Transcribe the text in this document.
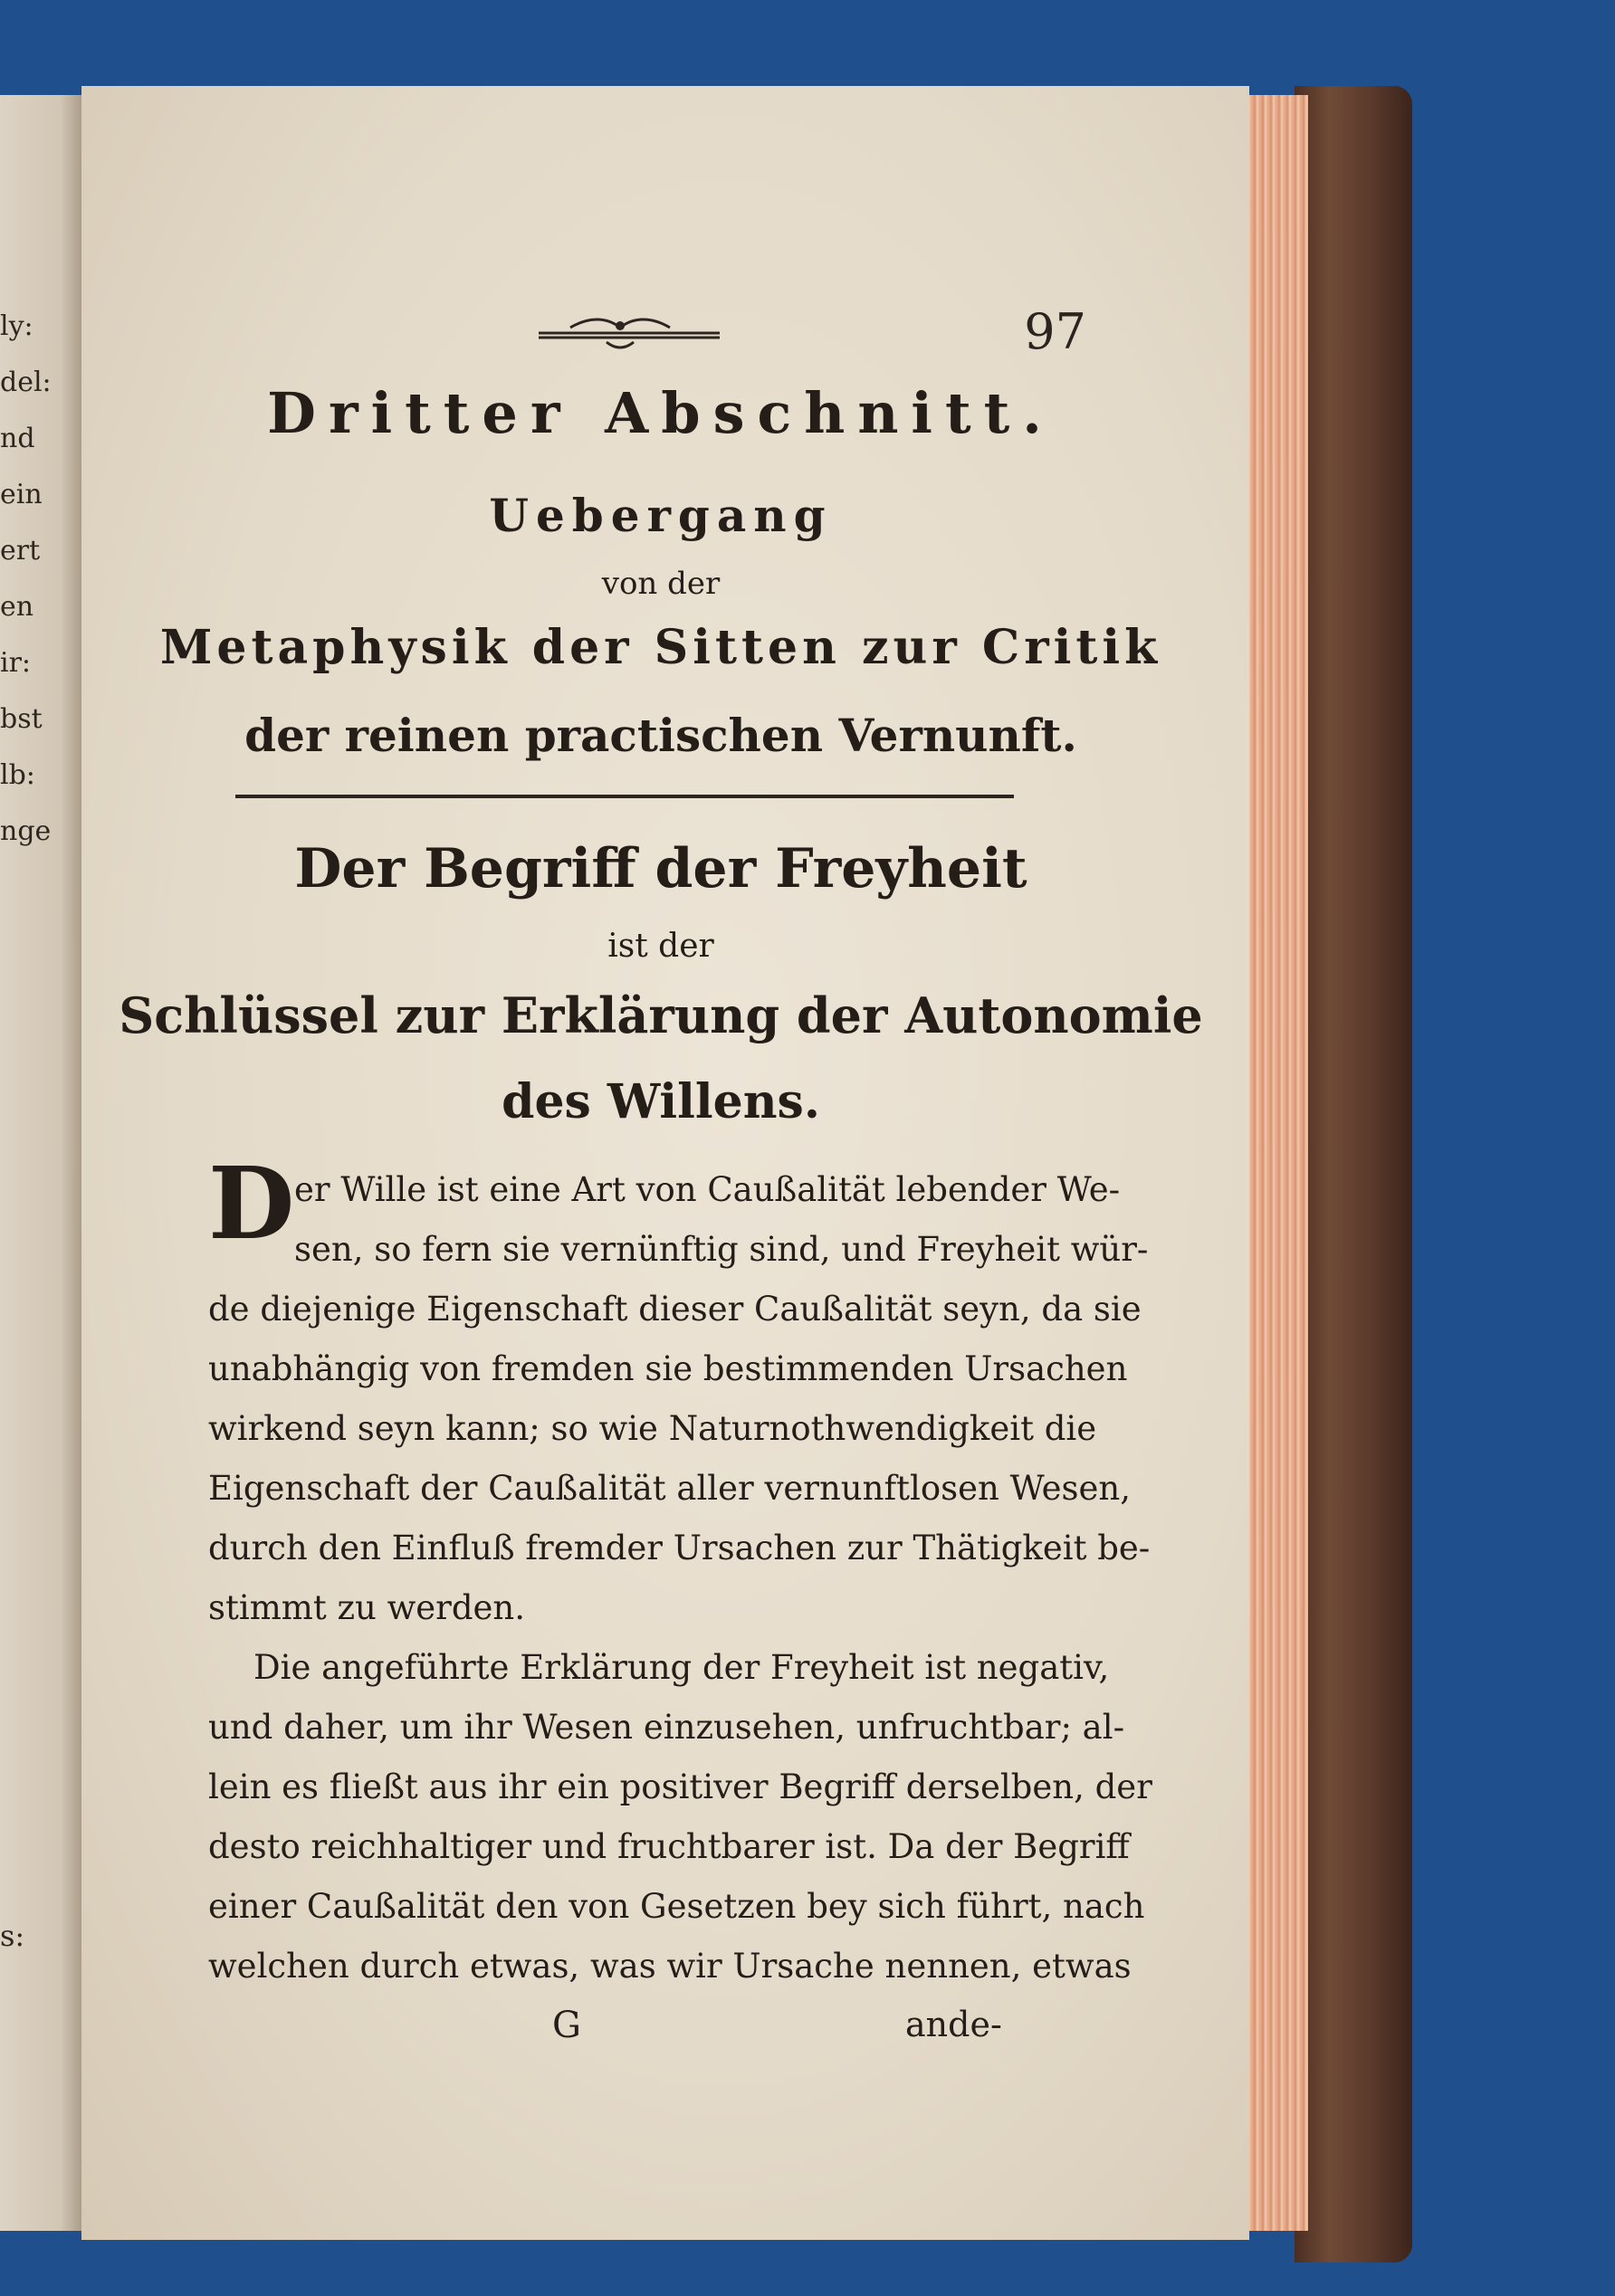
ly:
del:
nd
ein
ert
en
ir:
bst
lb:
nge
s:
97
Dritter Abschnitt.
Uebergang
von der
Metaphysik der Sitten zur Critik
der reinen practischen Vernunft.
Der Begriff der Freyheit
ist der
Schlüssel zur Erklärung der Autonomie
des Willens.
D er Wille ist eine Art von Caußalität lebender We-
sen, so fern sie vernünftig sind, und Freyheit wür-
de diejenige Eigenschaft dieser Caußalität seyn, da sie
unabhängig von fremden sie bestimmenden Ursachen
wirkend seyn kann; so wie Naturnothwendigkeit die
Eigenschaft der Caußalität aller vernunftlosen Wesen,
durch den Einfluß fremder Ursachen zur Thätigkeit be-
stimmt zu werden.
Die angeführte Erklärung der Freyheit ist negativ,
und daher, um ihr Wesen einzusehen, unfruchtbar; al-
lein es fließt aus ihr ein positiver Begriff derselben, der
desto reichhaltiger und fruchtbarer ist. Da der Begriff
einer Caußalität den von Gesetzen bey sich führt, nach
welchen durch etwas, was wir Ursache nennen, etwas
G	ande-
